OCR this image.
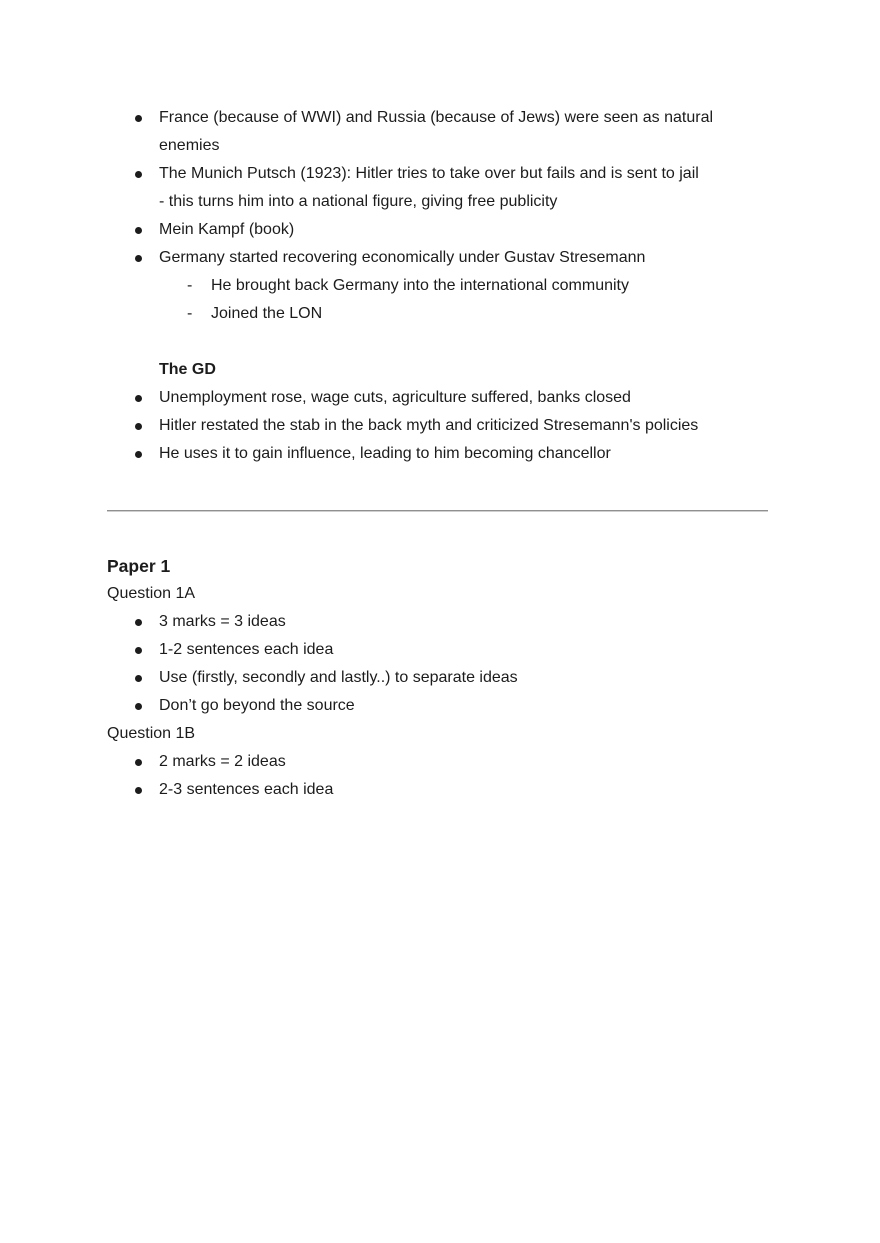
France (because of WWI) and Russia (because of Jews) were seen as natural
enemies
The Munich Putsch (1923): Hitler tries to take over but fails and is sent to jail
- this turns him into a national figure, giving free publicity
Mein Kampf (book)
Germany started recovering economically under Gustav Stresemann
- He brought back Germany into the international community
- Joined the LON
The GD
Unemployment rose, wage cuts, agriculture suffered, banks closed
Hitler restated the stab in the back myth and criticized Stresemann's policies
He uses it to gain influence, leading to him becoming chancellor
Paper 1
Question 1A
3 marks = 3 ideas
1-2 sentences each idea
Use (firstly, secondly and lastly..) to separate ideas
Don’t go beyond the source
Question 1B
2 marks = 2 ideas
2-3 sentences each idea
